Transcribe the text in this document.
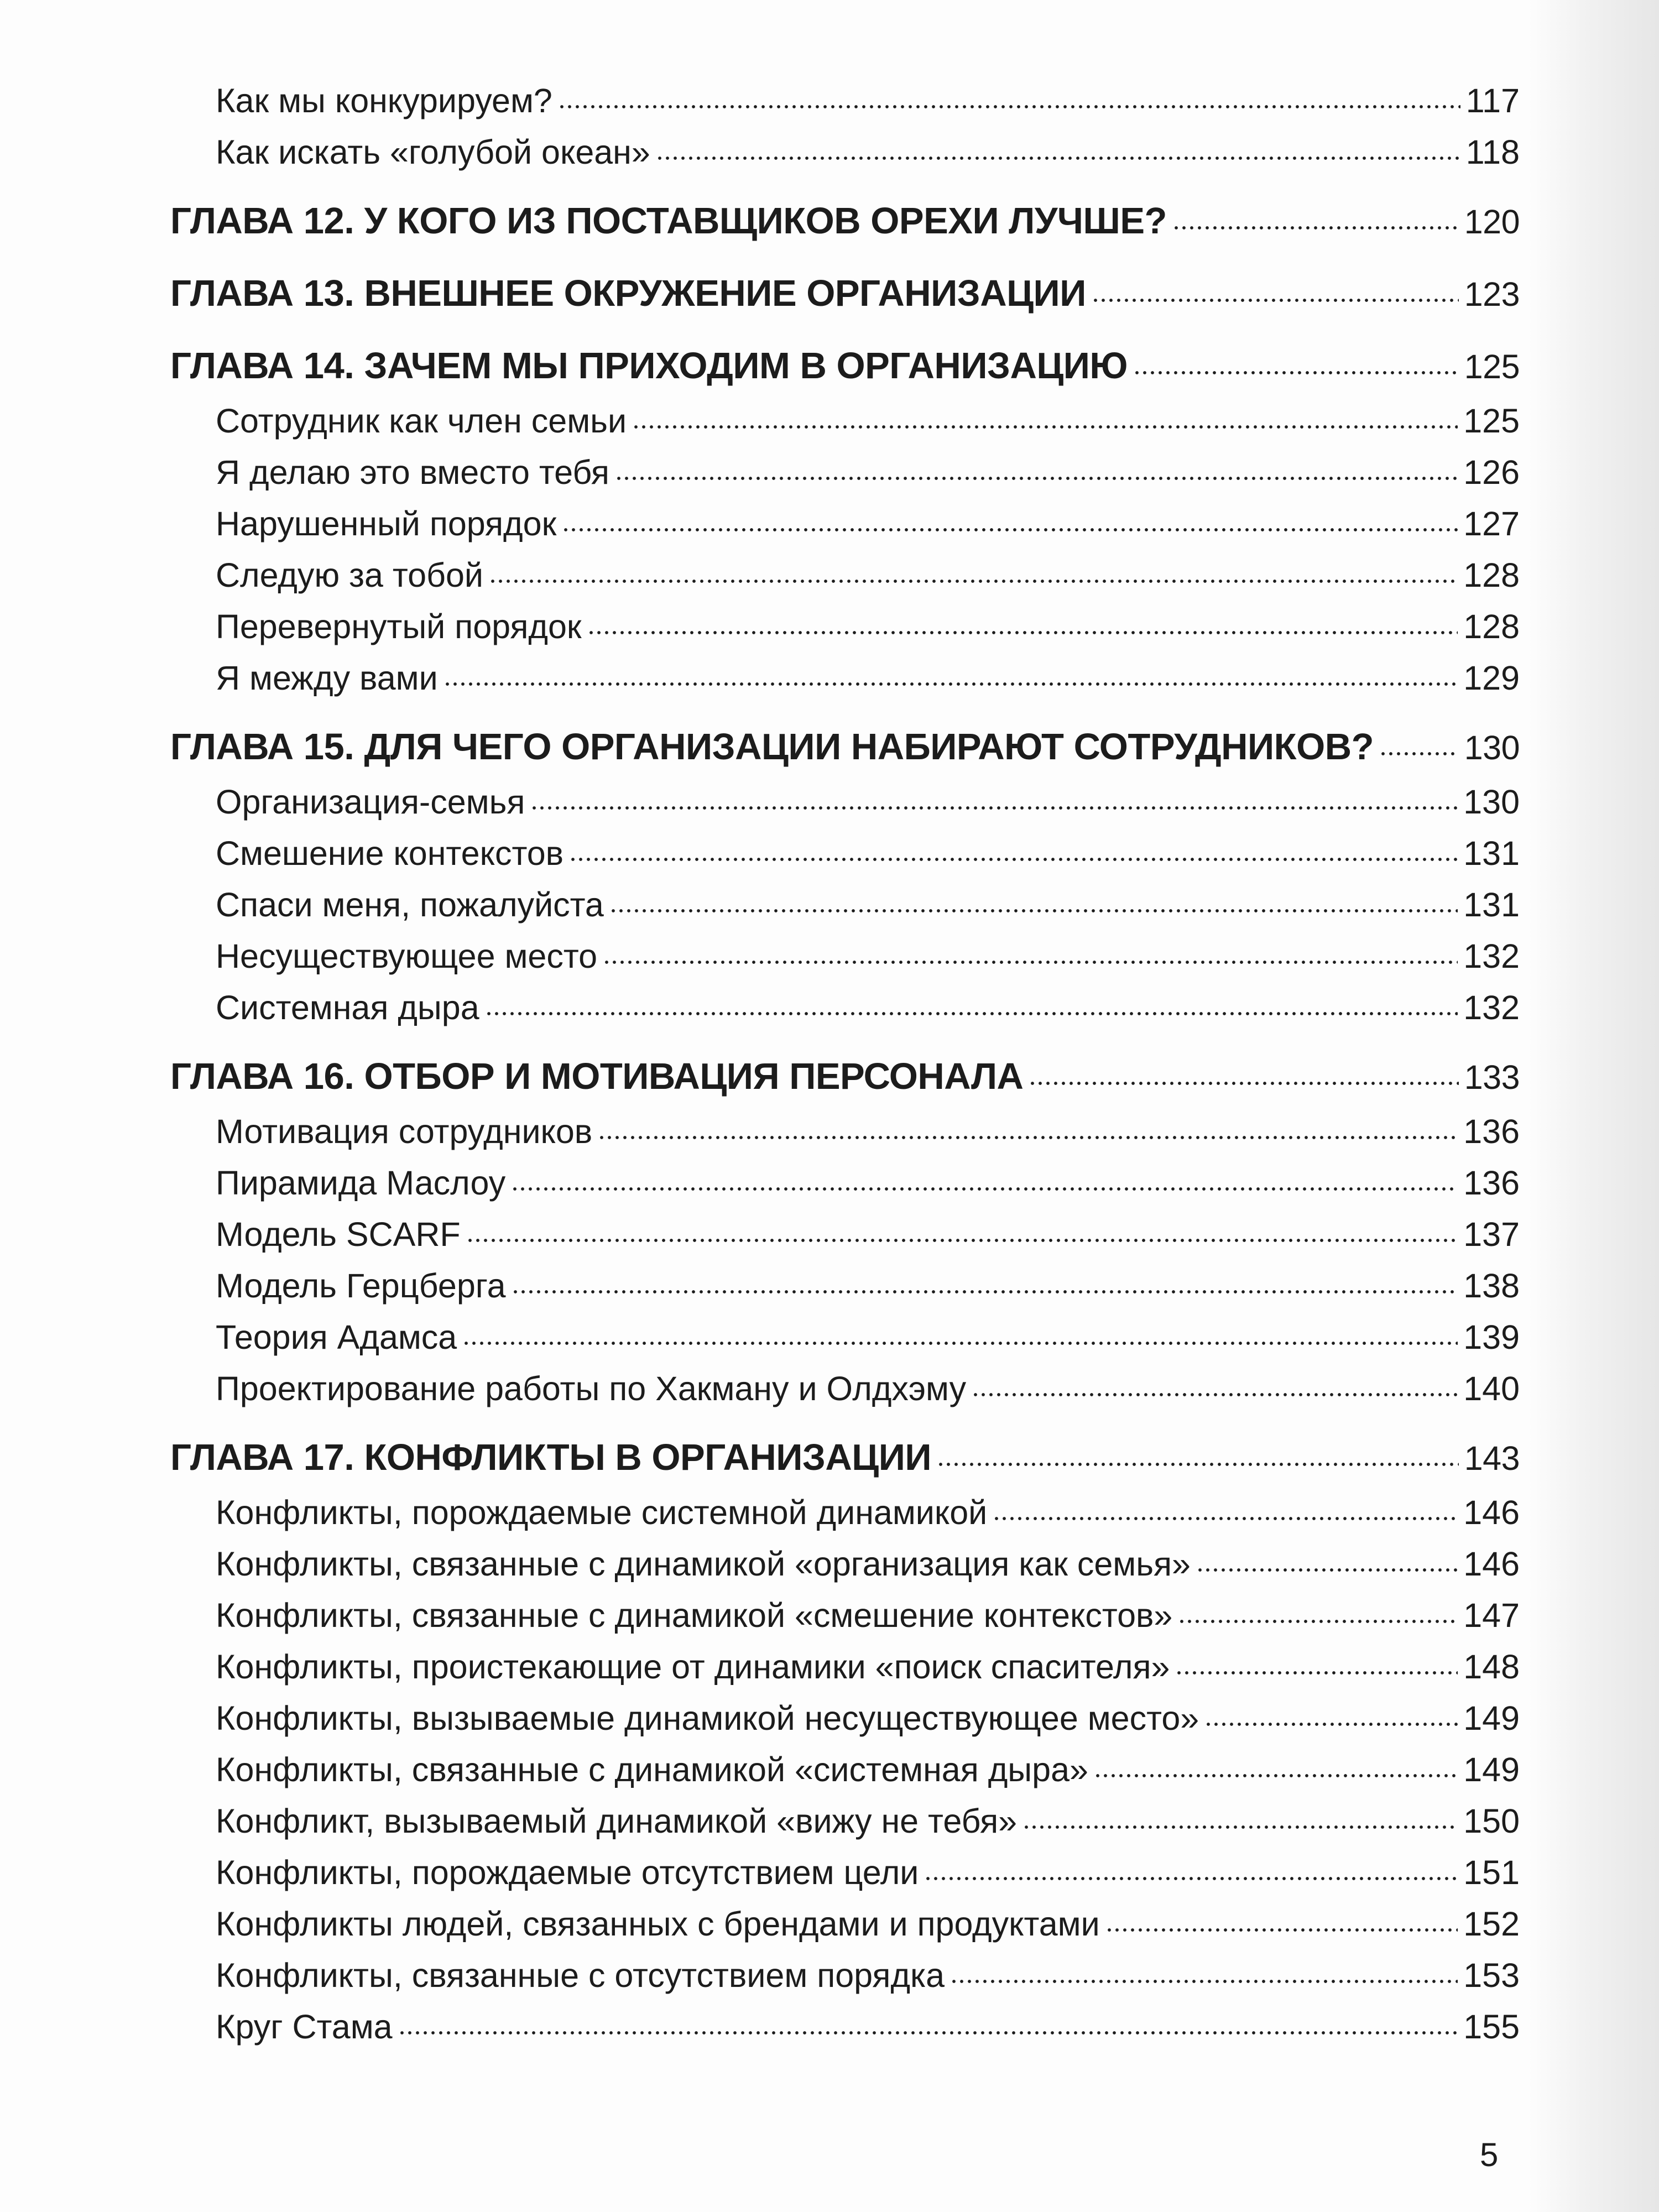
Как мы конкурируем?	117
Как искать «голубой океан»	118
ГЛАВА 12. У КОГО ИЗ ПОСТАВЩИКОВ ОРЕХИ ЛУЧШЕ?	120
ГЛАВА 13. ВНЕШНЕЕ ОКРУЖЕНИЕ ОРГАНИЗАЦИИ	123
ГЛАВА 14. ЗАЧЕМ МЫ ПРИХОДИМ В ОРГАНИЗАЦИЮ	125
Сотрудник как член семьи	125
Я делаю это вместо тебя	126
Нарушенный порядок	127
Следую за тобой	128
Перевернутый порядок	128
Я между вами	129
ГЛАВА 15. ДЛЯ ЧЕГО ОРГАНИЗАЦИИ НАБИРАЮТ СОТРУДНИКОВ?	130
Организация-семья	130
Смешение контекстов	131
Спаси меня, пожалуйста	131
Несуществующее место	132
Системная дыра	132
ГЛАВА 16. ОТБОР И МОТИВАЦИЯ ПЕРСОНАЛА	133
Мотивация сотрудников	136
Пирамида Маслоу	136
Модель SCARF	137
Модель Герцберга	138
Теория Адамса	139
Проектирование работы по Хакману и Олдхэму	140
ГЛАВА 17. КОНФЛИКТЫ В ОРГАНИЗАЦИИ	143
Конфликты, порождаемые системной динамикой	146
Конфликты, связанные с динамикой «организация как семья»	146
Конфликты, связанные с динамикой «смешение контекстов»	147
Конфликты, проистекающие от динамики «поиск спасителя»	148
Конфликты, вызываемые динамикой несуществующее место»	149
Конфликты, связанные с динамикой «системная дыра»	149
Конфликт, вызываемый динамикой «вижу не тебя»	150
Конфликты, порождаемые отсутствием цели	151
Конфликты людей, связанных с брендами и продуктами	152
Конфликты, связанные с отсутствием порядка	153
Круг Стама	155
5
